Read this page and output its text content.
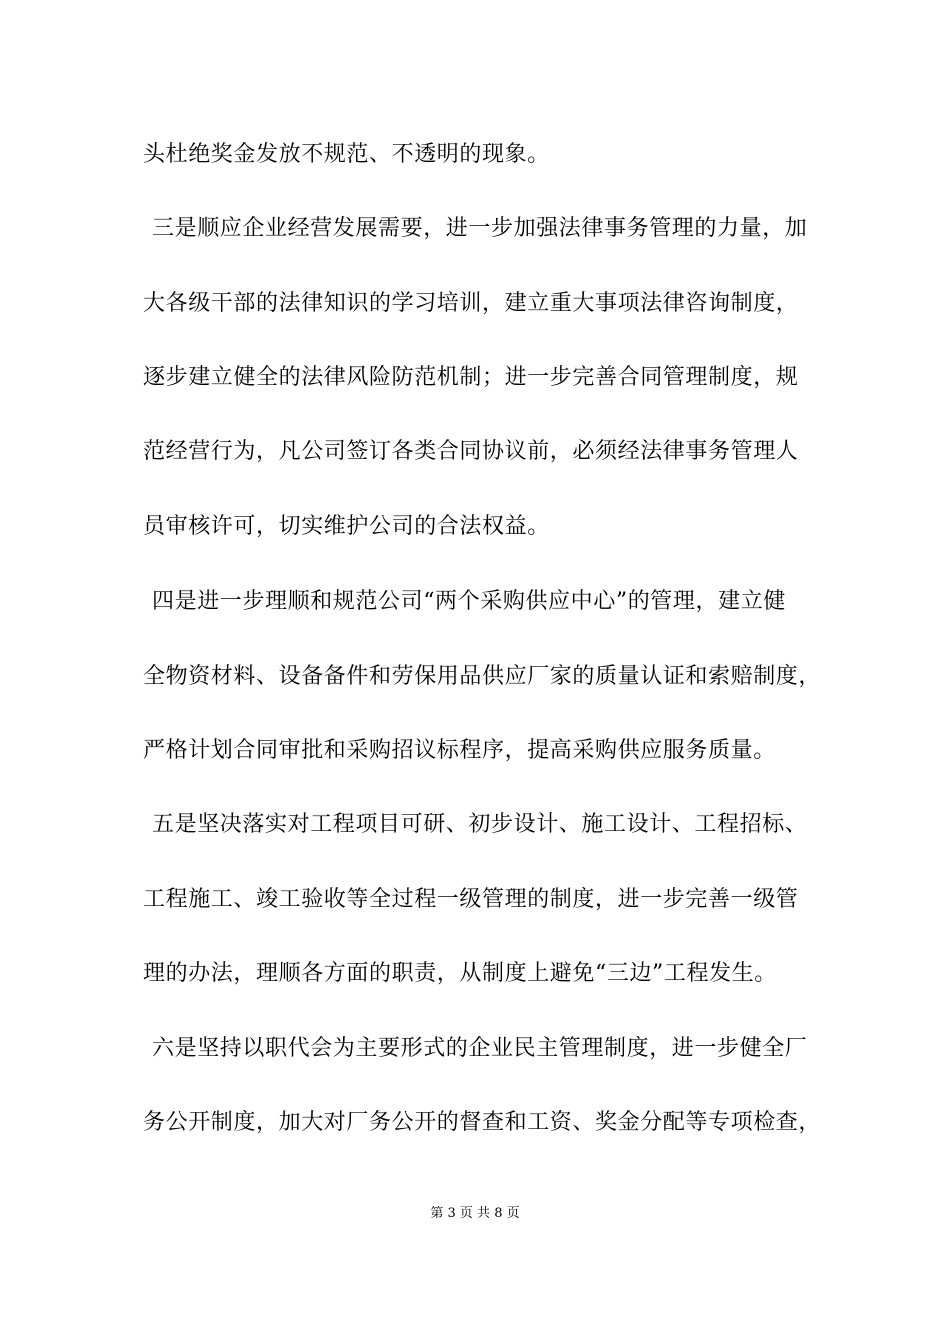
头杜绝奖金发放不规范、不透明的现象。
三是顺应企业经营发展需要，进一步加强法律事务管理的力量，加
大各级干部的法律知识的学习培训，建立重大事项法律咨询制度，
逐步建立健全的法律风险防范机制；进一步完善合同管理制度，规
范经营行为，凡公司签订各类合同协议前，必须经法律事务管理人
员审核许可，切实维护公司的合法权益。
四是进一步理顺和规范公司“两个采购供应中心”的管理，建立健
全物资材料、设备备件和劳保用品供应厂家的质量认证和索赔制度，
严格计划合同审批和采购招议标程序，提高采购供应服务质量。
五是坚决落实对工程项目可研、初步设计、施工设计、工程招标、
工程施工、竣工验收等全过程一级管理的制度，进一步完善一级管
理的办法，理顺各方面的职责，从制度上避免“三边”工程发生。
六是坚持以职代会为主要形式的企业民主管理制度，进一步健全厂
务公开制度，加大对厂务公开的督查和工资、奖金分配等专项检查，
第 3 页 共 8 页
